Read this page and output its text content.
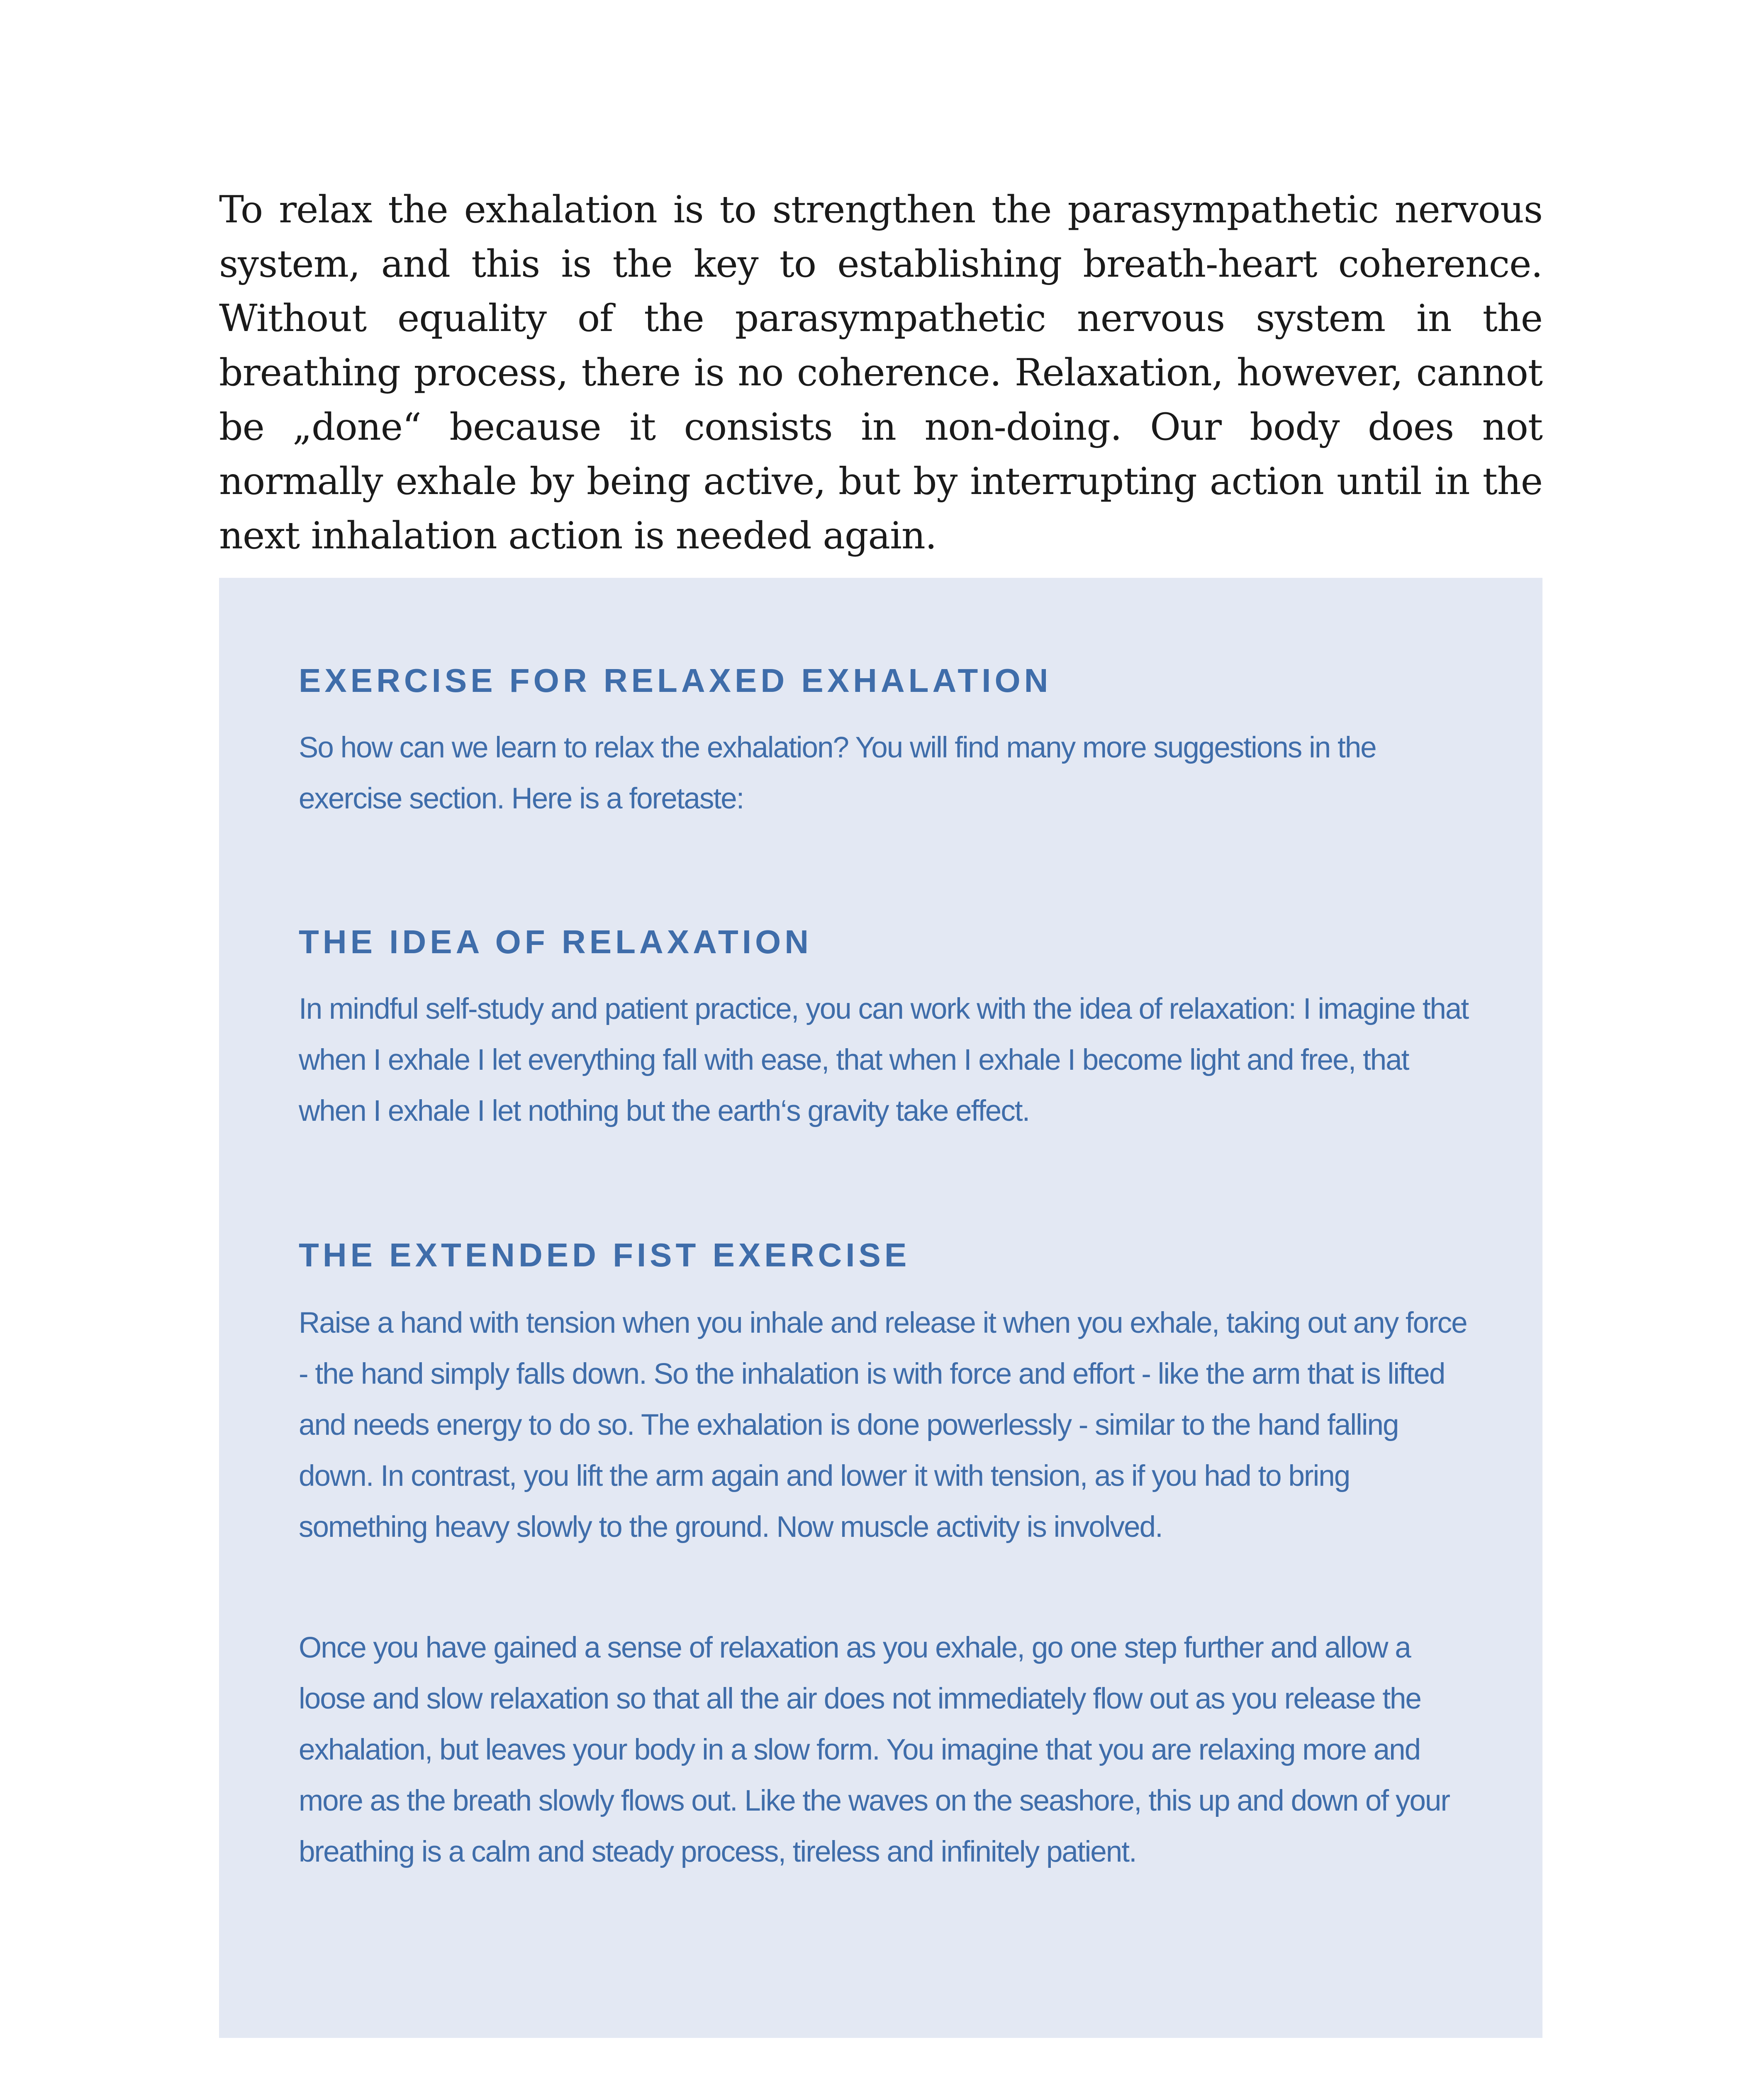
To relax the exhalation is to strengthen the parasympathetic nervous system, and this is the key to establishing breath-heart coherence. Without equality of the parasympathetic nervous system in the breathing process, there is no coherence. Relaxation, however, cannot be „done“ because it consists in non-doing. Our body does not normally exhale by being active, but by interrupting action until in the next inhalation action is needed again.

EXERCISE FOR RELAXED EXHALATION

So how can we learn to relax the exhalation? You will find many more suggestions in the exercise section. Here is a foretaste:

THE IDEA OF RELAXATION

In mindful self-study and patient practice, you can work with the idea of relaxation: I imagine that when I exhale I let everything fall with ease, that when I exhale I become light and free, that when I exhale I let nothing but the earth‘s gravity take effect.

THE EXTENDED FIST EXERCISE

Raise a hand with tension when you inhale and release it when you exhale, taking out any force - the hand simply falls down. So the inhalation is with force and effort - like the arm that is lifted and needs energy to do so. The exhalation is done powerlessly - similar to the hand falling down. In contrast, you lift the arm again and lower it with tension, as if you had to bring something heavy slowly to the ground. Now muscle activity is involved.

Once you have gained a sense of relaxation as you exhale, go one step further and allow a loose and slow relaxation so that all the air does not immediately flow out as you release the exhalation, but leaves your body in a slow form. You imagine that you are relaxing more and more as the breath slowly flows out. Like the waves on the seashore, this up and down of your breathing is a calm and steady process, tireless and infinitely patient.
